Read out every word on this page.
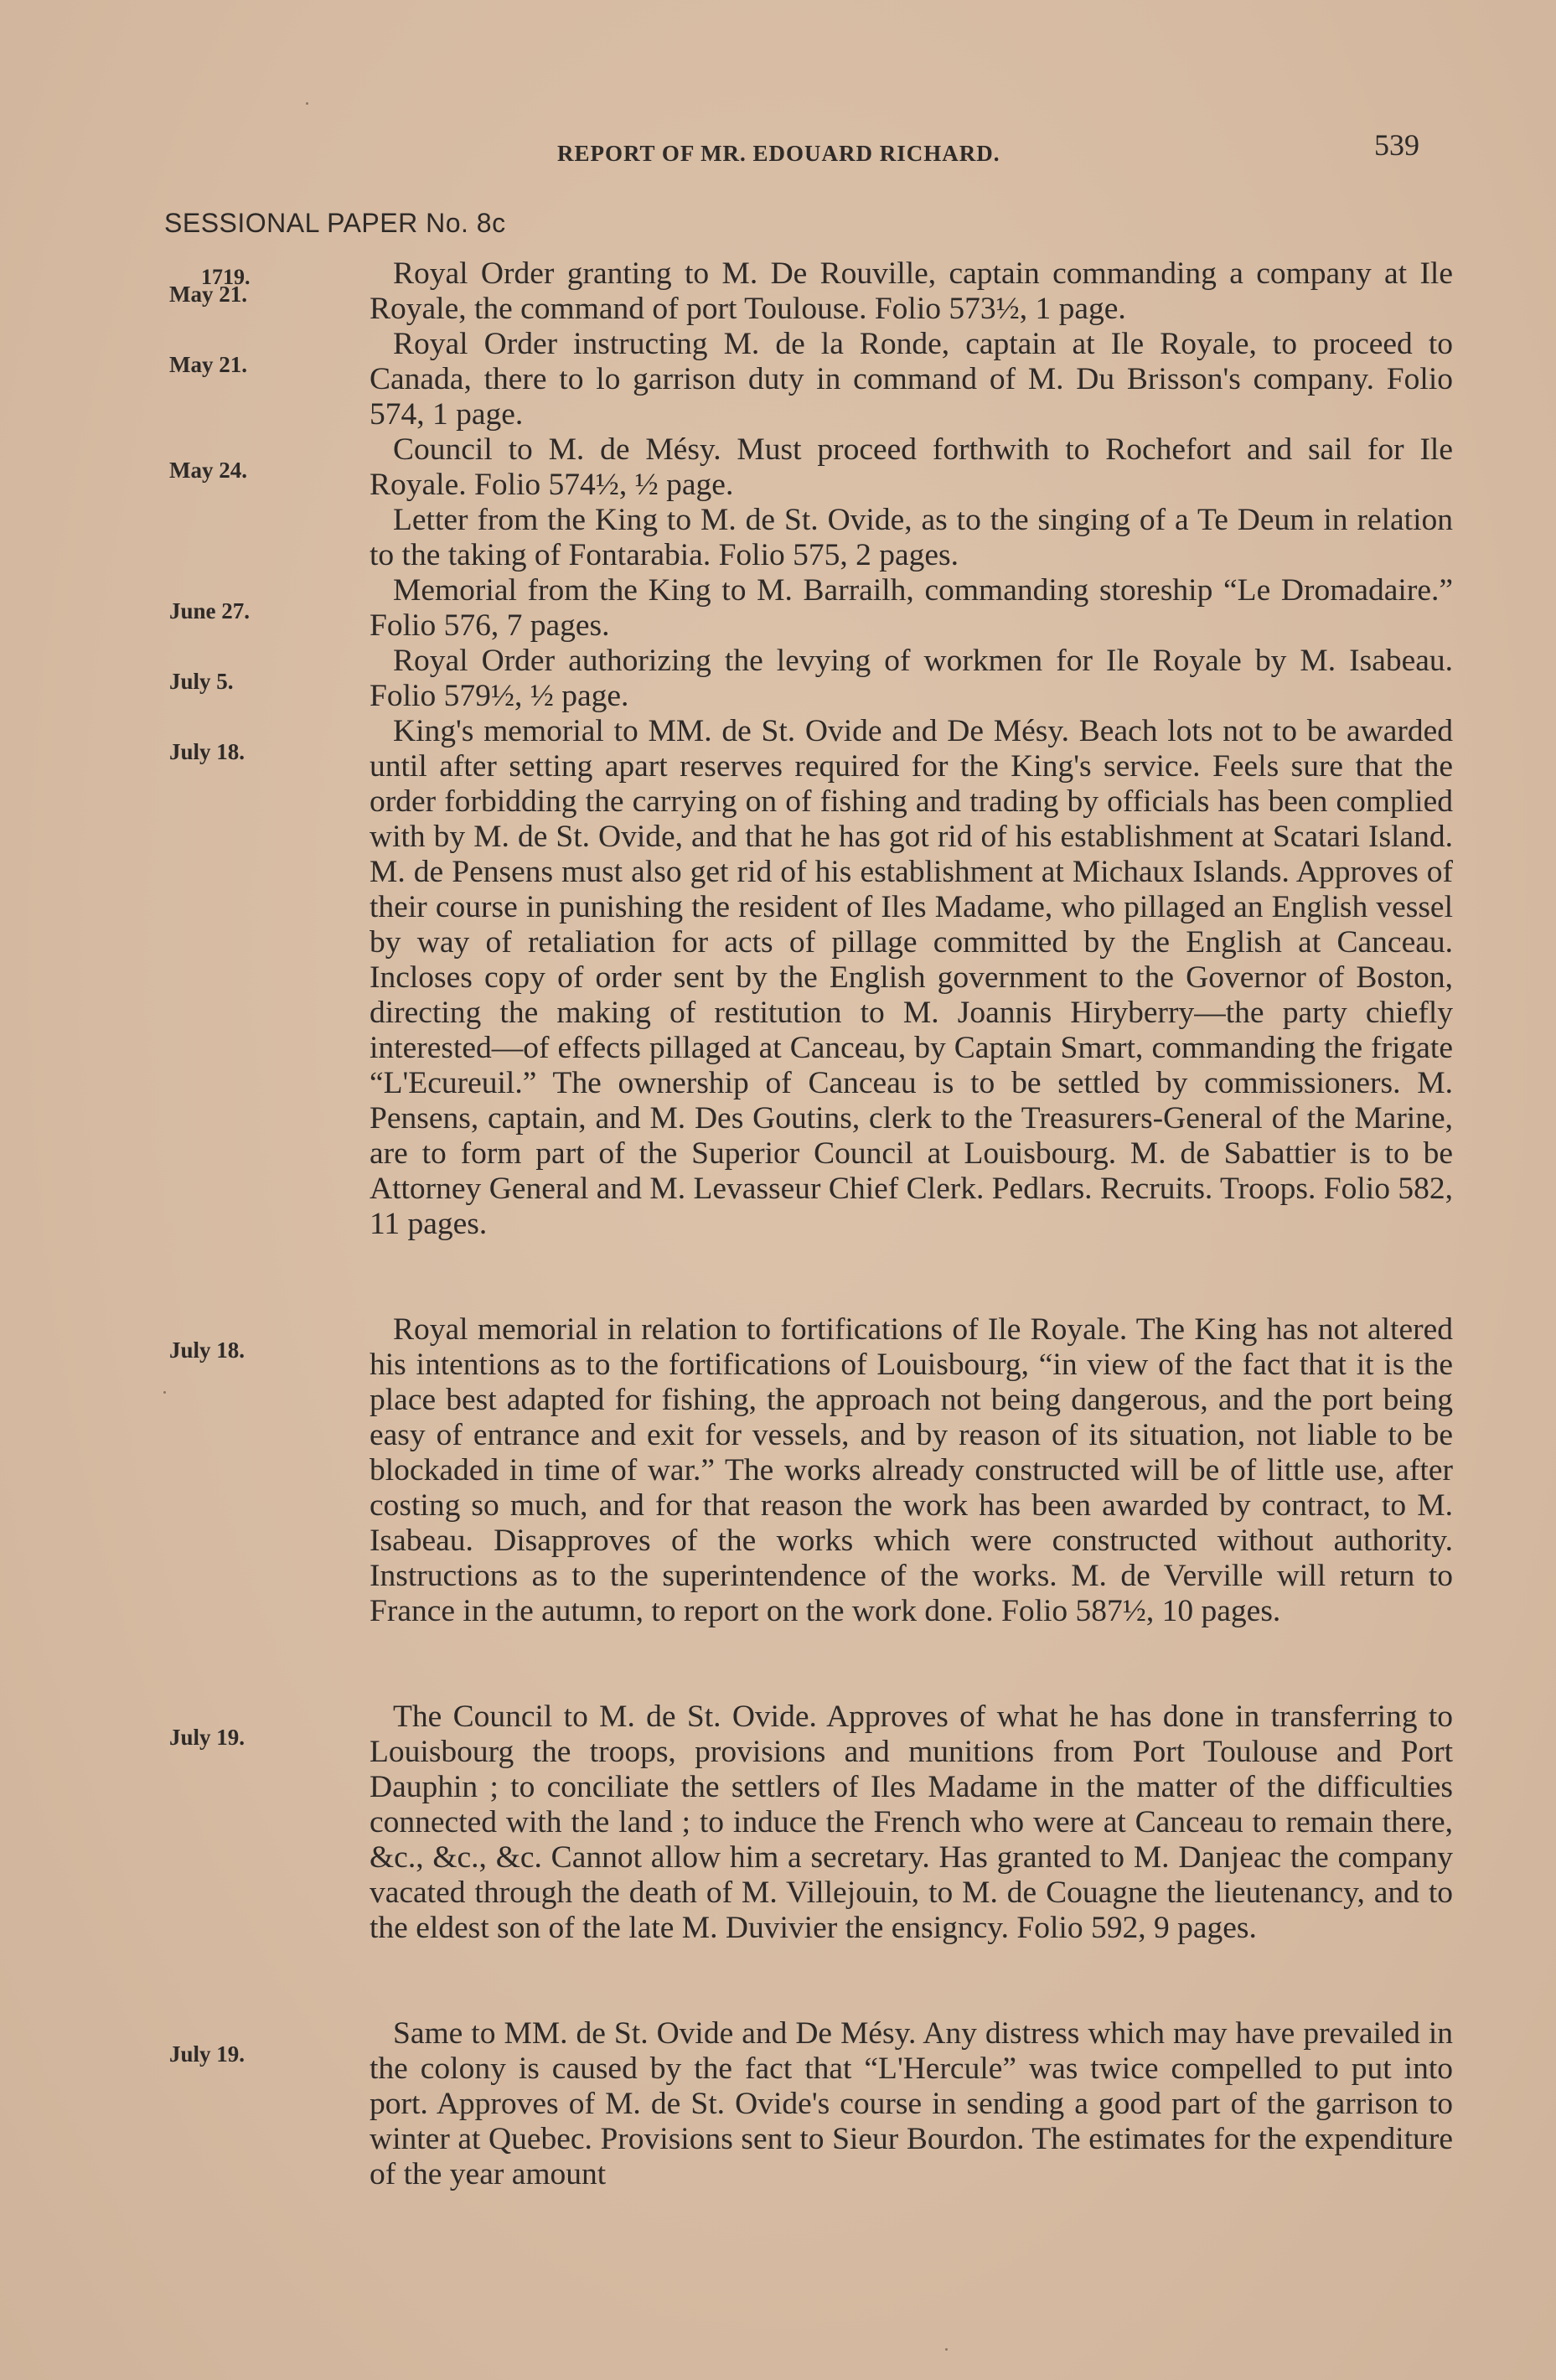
REPORT OF MR. EDOUARD RICHARD.	539
SESSIONAL PAPER No. 8c
1719.
May 21.
Royal Order granting to M. De Rouville, captain commanding a company at Ile Royale, the command of port Toulouse. Folio 573½, 1 page.
May 21.
Royal Order instructing M. de la Ronde, captain at Ile Royale, to proceed to Canada, there to lo garrison duty in command of M. Du Brisson's company. Folio 574, 1 page.
May 24.
Council to M. de Mésy. Must proceed forthwith to Rochefort and sail for Ile Royale. Folio 574½, ½ page.
Letter from the King to M. de St. Ovide, as to the singing of a Te Deum in relation to the taking of Fontarabia. Folio 575, 2 pages.
June 27.
Memorial from the King to M. Barrailh, commanding storeship “Le Dromadaire.” Folio 576, 7 pages.
July 5.
Royal Order authorizing the levying of workmen for Ile Royale by M. Isabeau. Folio 579½, ½ page.
July 18.
King's memorial to MM. de St. Ovide and De Mésy. Beach lots not to be awarded until after setting apart reserves required for the King's service. Feels sure that the order forbidding the carrying on of fishing and trading by officials has been complied with by M. de St. Ovide, and that he has got rid of his establishment at Scatari Island. M. de Pensens must also get rid of his establishment at Michaux Islands. Approves of their course in punishing the resident of Iles Madame, who pillaged an English vessel by way of retaliation for acts of pillage committed by the English at Canceau. Incloses copy of order sent by the English government to the Governor of Boston, directing the making of restitution to M. Joannis Hiryberry—the party chiefly interested—of effects pillaged at Canceau, by Captain Smart, commanding the frigate “L'Ecureuil.” The ownership of Canceau is to be settled by commissioners. M. Pensens, captain, and M. Des Goutins, clerk to the Treasurers-General of the Marine, are to form part of the Superior Council at Louisbourg. M. de Sabattier is to be Attorney General and M. Levasseur Chief Clerk. Pedlars. Recruits. Troops. Folio 582, 11 pages.
July 18.
Royal memorial in relation to fortifications of Ile Royale. The King has not altered his intentions as to the fortifications of Louisbourg, “in view of the fact that it is the place best adapted for fishing, the approach not being dangerous, and the port being easy of entrance and exit for vessels, and by reason of its situation, not liable to be blockaded in time of war.” The works already constructed will be of little use, after costing so much, and for that reason the work has been awarded by contract, to M. Isabeau. Disapproves of the works which were constructed without authority. Instructions as to the superintendence of the works. M. de Verville will return to France in the autumn, to report on the work done. Folio 587½, 10 pages.
July 19.
The Council to M. de St. Ovide. Approves of what he has done in transferring to Louisbourg the troops, provisions and munitions from Port Toulouse and Port Dauphin ; to conciliate the settlers of Iles Madame in the matter of the difficulties connected with the land ; to induce the French who were at Canceau to remain there, &c., &c., &c. Cannot allow him a secretary. Has granted to M. Danjeac the company vacated through the death of M. Villejouin, to M. de Couagne the lieutenancy, and to the eldest son of the late M. Duvivier the ensigncy. Folio 592, 9 pages.
July 19.
Same to MM. de St. Ovide and De Mésy. Any distress which may have prevailed in the colony is caused by the fact that “L'Hercule” was twice compelled to put into port. Approves of M. de St. Ovide's course in sending a good part of the garrison to winter at Quebec. Provisions sent to Sieur Bourdon. The estimates for the expenditure of the year amount
